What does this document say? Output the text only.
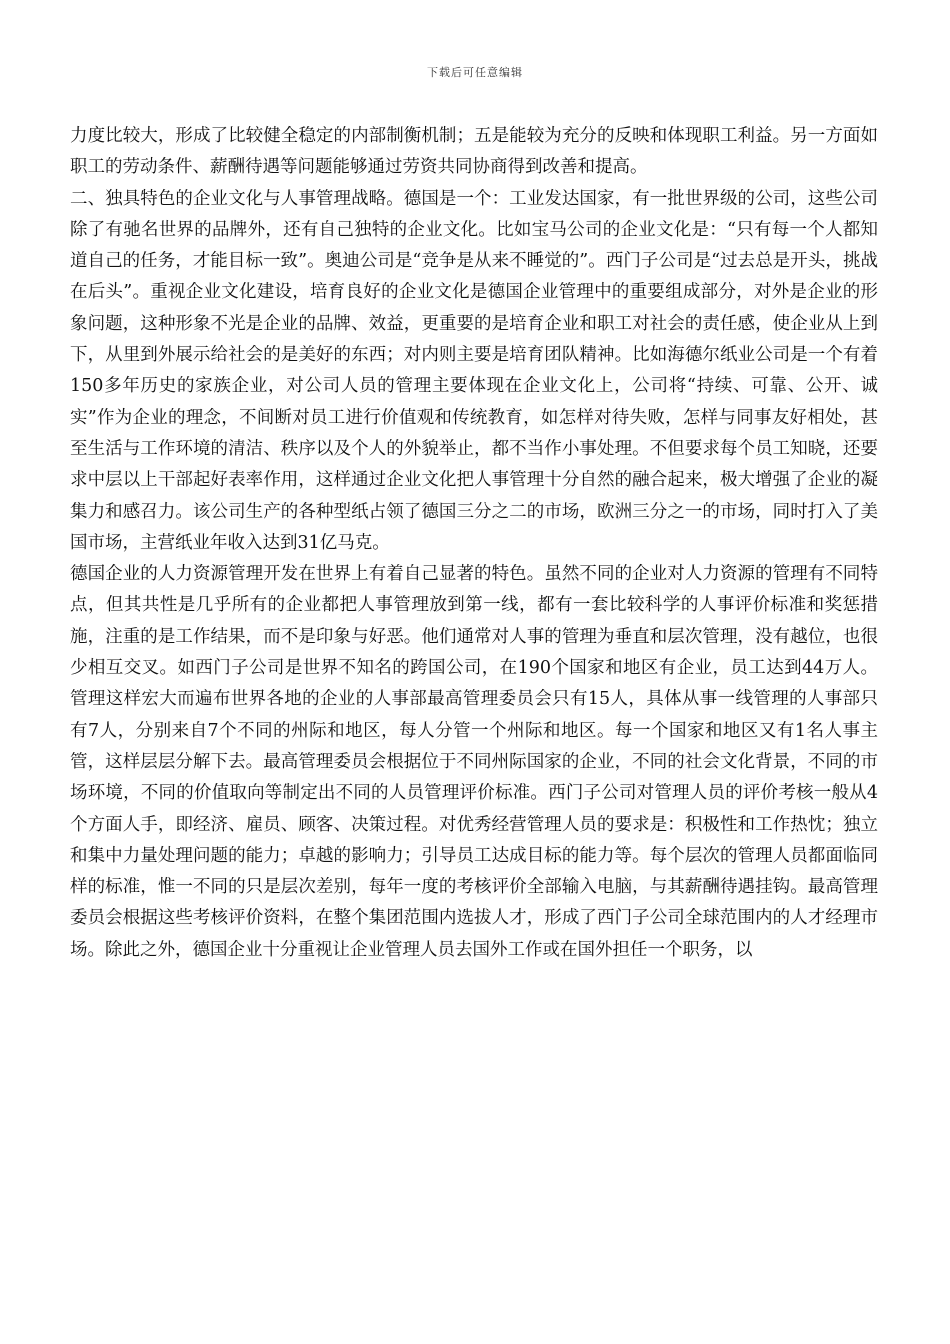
下载后可任意编辑

力度比较大，形成了比较健全稳定的内部制衡机制；五是能较为充分的反映和体现职工利益。另一方面如职工的劳动条件、薪酬待遇等问题能够通过劳资共同协商得到改善和提高。

二、独具特色的企业文化与人事管理战略。德国是一个：工业发达国家，有一批世界级的公司，这些公司除了有驰名世界的品牌外，还有自己独特的企业文化。比如宝马公司的企业文化是：“只有每一个人都知道自己的任务，才能目标一致”。奥迪公司是“竞争是从来不睡觉的”。西门子公司是“过去总是开头，挑战在后头”。重视企业文化建设，培育良好的企业文化是德国企业管理中的重要组成部分，对外是企业的形象问题，这种形象不光是企业的品牌、效益，更重要的是培育企业和职工对社会的责任感，使企业从上到下，从里到外展示给社会的是美好的东西；对内则主要是培育团队精神。比如海德尔纸业公司是一个有着150多年历史的家族企业，对公司人员的管理主要体现在企业文化上，公司将“持续、可靠、公开、诚实”作为企业的理念，不间断对员工进行价值观和传统教育，如怎样对待失败，怎样与同事友好相处，甚至生活与工作环境的清洁、秩序以及个人的外貌举止，都不当作小事处理。不但要求每个员工知晓，还要求中层以上干部起好表率作用，这样通过企业文化把人事管理十分自然的融合起来，极大增强了企业的凝集力和感召力。该公司生产的各种型纸占领了德国三分之二的市场，欧洲三分之一的市场，同时打入了美国市场，主营纸业年收入达到31亿马克。

德国企业的人力资源管理开发在世界上有着自己显著的特色。虽然不同的企业对人力资源的管理有不同特点，但其共性是几乎所有的企业都把人事管理放到第一线，都有一套比较科学的人事评价标准和奖惩措施，注重的是工作结果，而不是印象与好恶。他们通常对人事的管理为垂直和层次管理，没有越位，也很少相互交叉。如西门子公司是世界不知名的跨国公司，在190个国家和地区有企业，员工达到44万人。管理这样宏大而遍布世界各地的企业的人事部最高管理委员会只有15人，具体从事一线管理的人事部只有7人，分别来自7个不同的州际和地区，每人分管一个州际和地区。每一个国家和地区又有1名人事主管，这样层层分解下去。最高管理委员会根据位于不同州际国家的企业，不同的社会文化背景，不同的市场环境，不同的价值取向等制定出不同的人员管理评价标准。西门子公司对管理人员的评价考核一般从4个方面人手，即经济、雇员、顾客、决策过程。对优秀经营管理人员的要求是：积极性和工作热忱；独立和集中力量处理问题的能力；卓越的影响力；引导员工达成目标的能力等。每个层次的管理人员都面临同样的标准，惟一不同的只是层次差别，每年一度的考核评价全部输入电脑，与其薪酬待遇挂钩。最高管理委员会根据这些考核评价资料，在整个集团范围内选拔人才，形成了西门子公司全球范围内的人才经理市场。除此之外，德国企业十分重视让企业管理人员去国外工作或在国外担任一个职务，以
